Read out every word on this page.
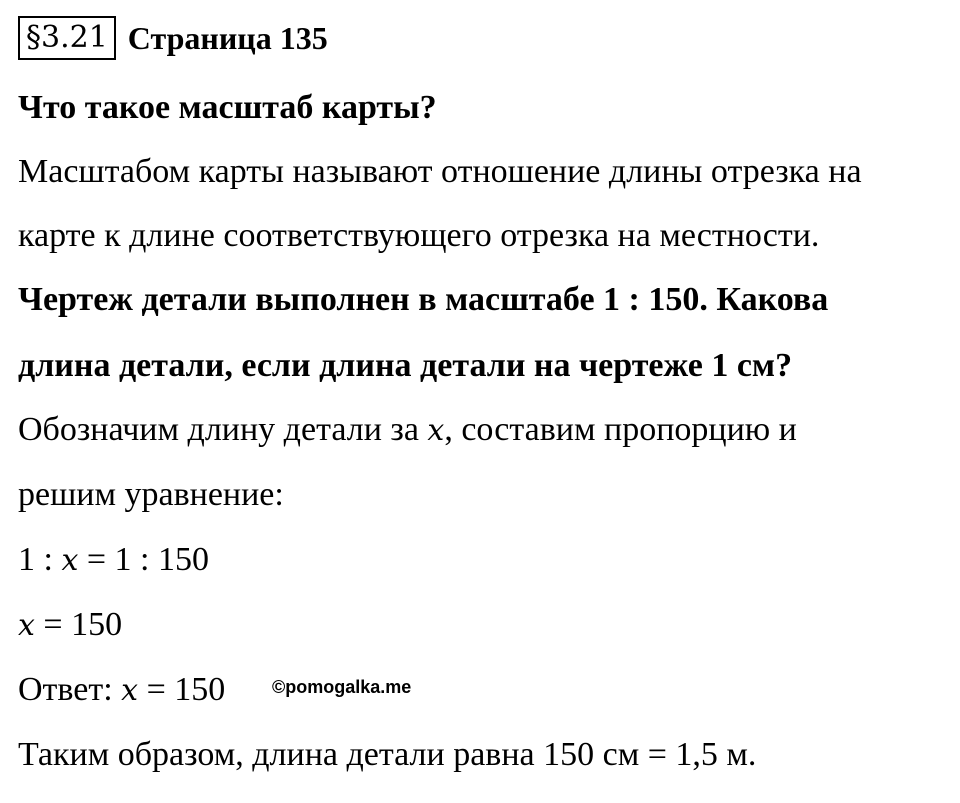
§3.21 Страница 135
Что такое масштаб карты?
Масштабом карты называют отношение длины отрезка на
карте к длине соответствующего отрезка на местности.
Чертеж детали выполнен в масштабе 1 : 150. Какова
длина детали, если длина детали на чертеже 1 см?
Обозначим длину детали за x, составим пропорцию и
решим уравнение:
1 : x = 1 : 150
x = 150
Ответ: x = 150	©pomogalka.me
Таким образом, длина детали равна 150 см = 1,5 м.
